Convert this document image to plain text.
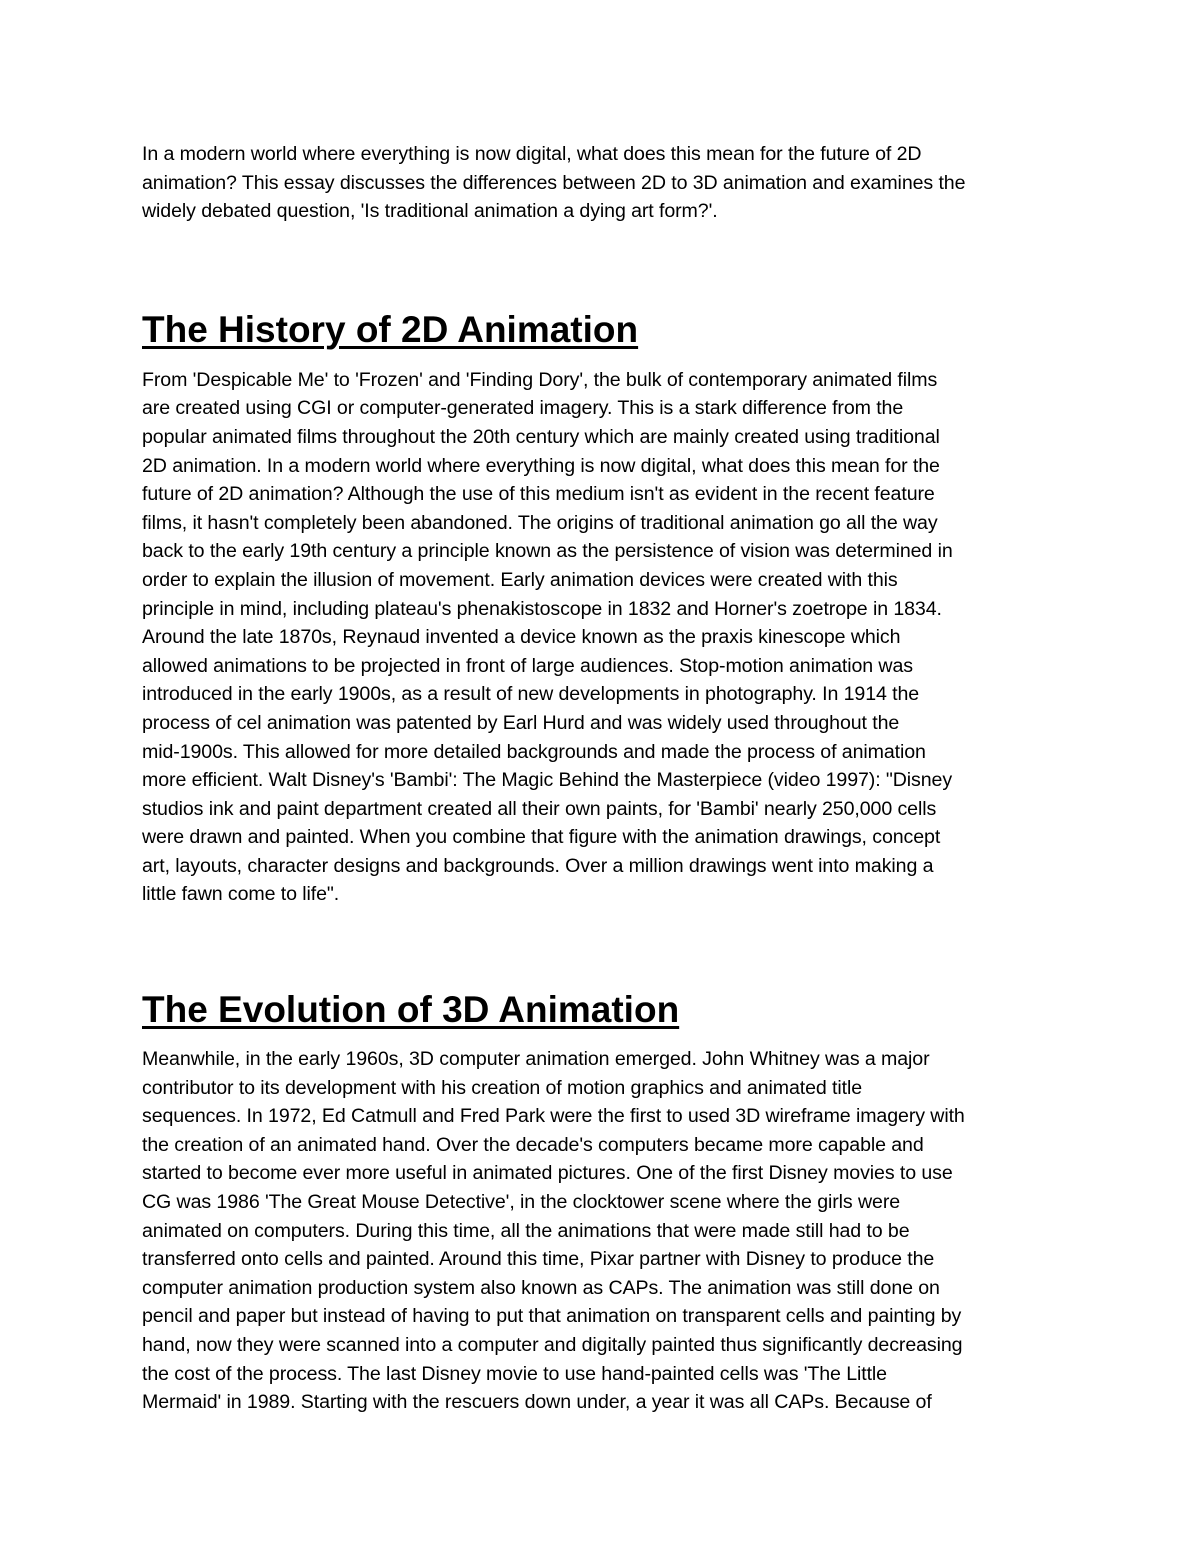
In a modern world where everything is now digital, what does this mean for the future of 2D
animation? This essay discusses the differences between 2D to 3D animation and examines the
widely debated question, 'Is traditional animation a dying art form?'.

The History of 2D Animation

From 'Despicable Me' to 'Frozen' and 'Finding Dory', the bulk of contemporary animated films
are created using CGI or computer-generated imagery. This is a stark difference from the
popular animated films throughout the 20th century which are mainly created using traditional
2D animation. In a modern world where everything is now digital, what does this mean for the
future of 2D animation? Although the use of this medium isn't as evident in the recent feature
films, it hasn't completely been abandoned. The origins of traditional animation go all the way
back to the early 19th century a principle known as the persistence of vision was determined in
order to explain the illusion of movement. Early animation devices were created with this
principle in mind, including plateau's phenakistoscope in 1832 and Horner's zoetrope in 1834.
Around the late 1870s, Reynaud invented a device known as the praxis kinescope which
allowed animations to be projected in front of large audiences. Stop-motion animation was
introduced in the early 1900s, as a result of new developments in photography. In 1914 the
process of cel animation was patented by Earl Hurd and was widely used throughout the
mid-1900s. This allowed for more detailed backgrounds and made the process of animation
more efficient. Walt Disney's 'Bambi': The Magic Behind the Masterpiece (video 1997): "Disney
studios ink and paint department created all their own paints, for 'Bambi' nearly 250,000 cells
were drawn and painted. When you combine that figure with the animation drawings, concept
art, layouts, character designs and backgrounds. Over a million drawings went into making a
little fawn come to life".

The Evolution of 3D Animation

Meanwhile, in the early 1960s, 3D computer animation emerged. John Whitney was a major
contributor to its development with his creation of motion graphics and animated title
sequences. In 1972, Ed Catmull and Fred Park were the first to used 3D wireframe imagery with
the creation of an animated hand. Over the decade's computers became more capable and
started to become ever more useful in animated pictures. One of the first Disney movies to use
CG was 1986 'The Great Mouse Detective', in the clocktower scene where the girls were
animated on computers. During this time, all the animations that were made still had to be
transferred onto cells and painted. Around this time, Pixar partner with Disney to produce the
computer animation production system also known as CAPs. The animation was still done on
pencil and paper but instead of having to put that animation on transparent cells and painting by
hand, now they were scanned into a computer and digitally painted thus significantly decreasing
the cost of the process. The last Disney movie to use hand-painted cells was 'The Little
Mermaid' in 1989. Starting with the rescuers down under, a year it was all CAPs. Because of
